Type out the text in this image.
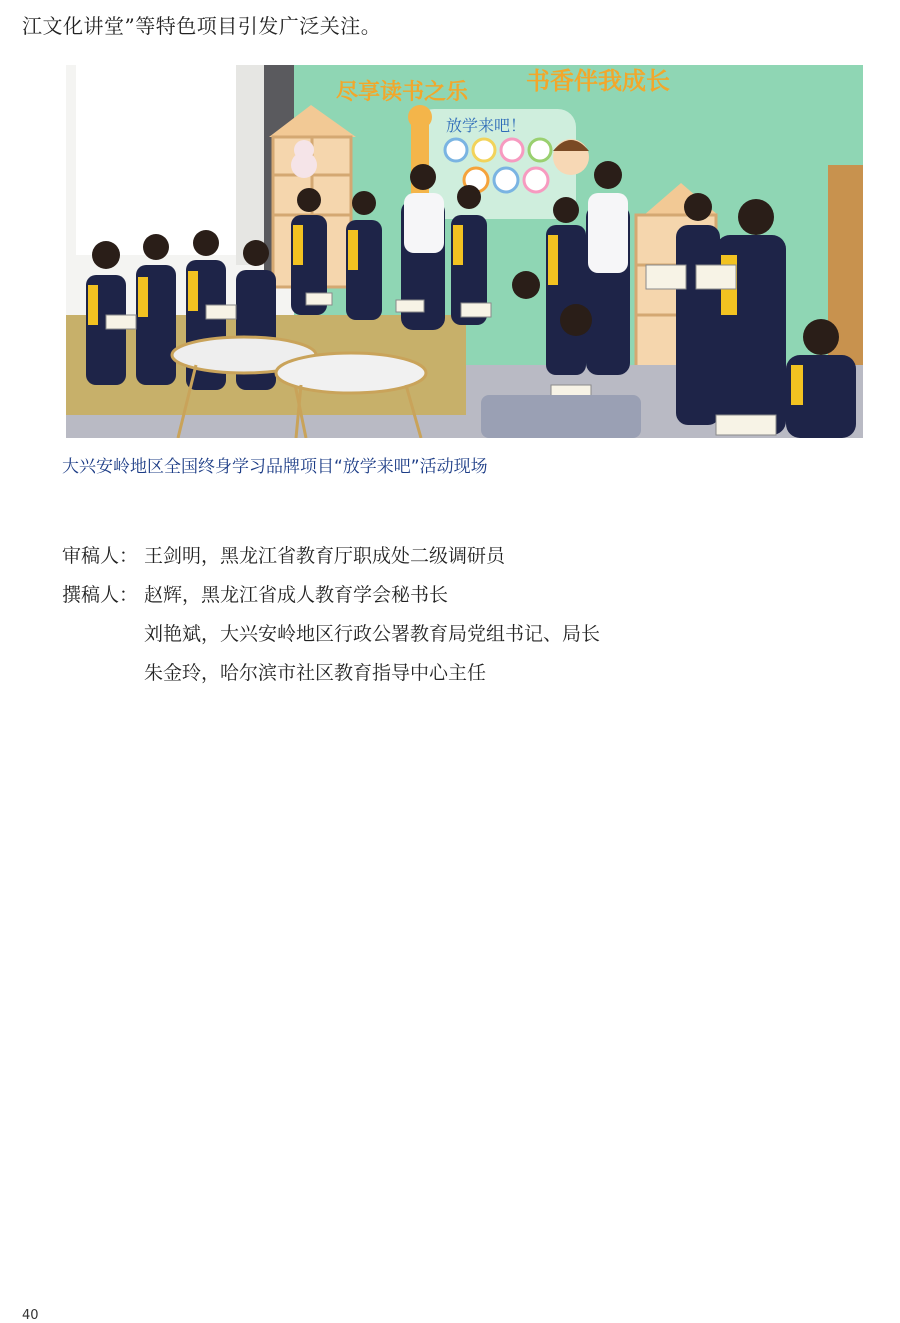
江文化讲堂”等特色项目引发广泛关注。
尽享读书之乐 书香伴我成长
放学来吧！
大兴安岭地区全国终身学习品牌项目“放学来吧”活动现场
审稿人： 王剑明，黑龙江省教育厅职成处二级调研员
撰稿人： 赵辉，黑龙江省成人教育学会秘书长
刘艳斌，大兴安岭地区行政公署教育局党组书记、局长
朱金玲，哈尔滨市社区教育指导中心主任
40
